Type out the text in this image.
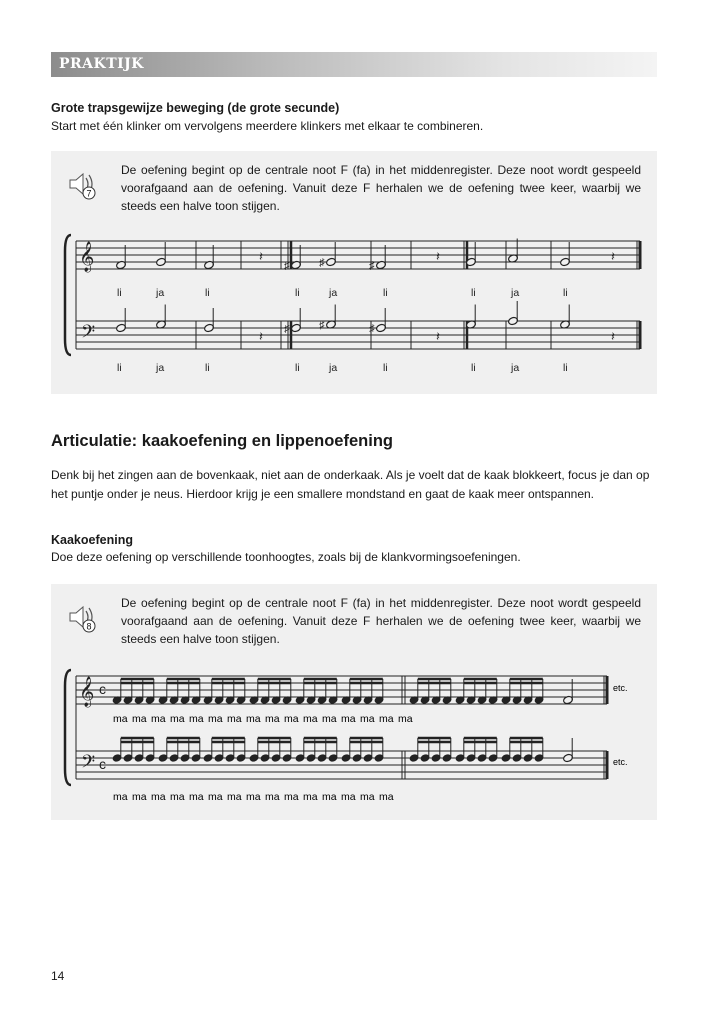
PRAKTIJK
Grote trapsgewijze beweging (de grote secunde)
Start met één klinker om vervolgens meerdere klinkers met elkaar te combineren.
7
De oefening begint op de centrale noot F (fa) in het middenregister. Deze noot wordt gespeeld voorafgaand aan de oefening. Vanuit deze F herhalen we de oefening twee keer, waarbij we steeds een halve toon stijgen.
𝄞
𝄢
♯
♯
♯
♯
♯
♯
𝄽
𝄽
𝄽
𝄽
𝄽
𝄽
li
li
ja
ja
li
li
li
li
ja
ja
li
li
li
li
ja
ja
li
li
Articulatie: kaakoefening en lippenoefening
Denk bij het zingen aan de bovenkaak, niet aan de onderkaak. Als je voelt dat de kaak blokkeert, focus je dan op het puntje onder je neus. Hierdoor krijg je een smallere mondstand en gaat de kaak meer ontspannen.
Kaakoefening
Doe deze oefening op verschillende toonhoogtes, zoals bij de klankvormingsoefeningen.
8
De oefening begint op de centrale noot F (fa) in het middenregister. Deze noot wordt gespeeld voorafgaand aan de oefening. Vanuit deze F herhalen we de oefening twee keer, waarbij we steeds een halve toon stijgen.
𝄞
𝄢
c
c
etc.
etc.
ma ma ma ma ma ma ma ma ma ma ma ma ma ma ma ma
ma ma ma ma ma ma ma ma ma ma ma ma ma ma ma
14
